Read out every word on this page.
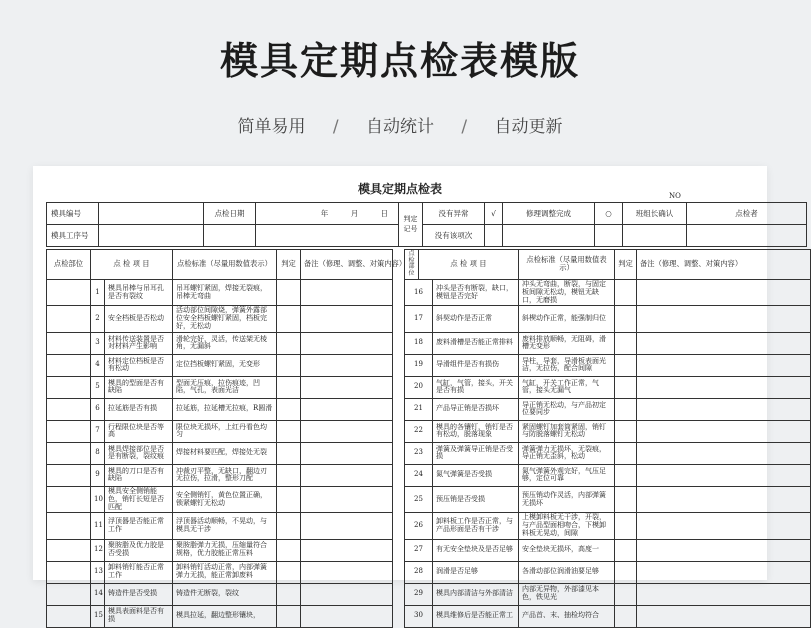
模具定期点检表模版
简单易用 / 自动统计 / 自动更新
模具定期点检表	NO
模具编号		点检日期		年	月	日	判定记号	没有异常	√	修理调整完成	○	班组长确认	点检者
模具工序号								没有该项次					
点检部位	点 检 项 目		点检标准（尽量用数值表示）	判定	备注（修理、调整、对策内容）		点检部位	点 检 项 目		点检标准（尽量用数值表示）	判定	备注（修理、调整、对策内容）
	1	模具吊棒与吊耳孔是否有裂纹	吊耳螺钉紧固，焊接无裂痕，吊棒无弯曲				16		冲头是否有断裂，缺口，模钮是否完好	冲头无弯曲，断裂，与固定板间隙无松动，模钮无缺口，无磨损		
	2	安全档板是否松动	活动部位间隙烧，弹簧外露部位安全档板螺钉紧固，档板完好，无松动				17		斜契动作是否正常	斜楔动作正常，能强制归位		
	3	材料传送装置是否对材料产生影响	滑轮完好，灵活，传送架无棱角，无漏斜				18		废料滑槽是否能正常排料	废料排放顺畅，无阻碍，滑槽无变形		
	4	材料定位档板是否有松动	定位挡板螺钉紧固，无变形				19		导滑组件是否有损伤	导柱，导套，导滑板表面光洁，无拉伤，配合间隙		
	5	模具的型面是否有缺陷	型面无压痕，拉伤痕迹，凹陷，气孔，表面光洁				20		气缸，气管，接头，开关是否有损	气缸，开关工作正常，气管，接头无漏气		
	6	拉延筋是否有损	拉延筋，拉延槽无拉痕，R圆滑				21		产品导正销是否损坏	导正销无松动，与产品初定位要同步		
	7	行程限位块是否等高	限位块无损坏，上红丹看色均匀				22		模具的各镶钉，销钉是否有松动，脱落现象	紧固螺钉加套筒紧固，销钉与防脱落螺钉无松动		
	8	模具焊接部位是否是有断裂，裂纹痕	焊接材料要匹配，焊接处无裂				23		弹簧及弹簧导正销是否受损	弹簧弹力无损坏，无裂痕，导正销无歪斜，松动		
	9	模具的刀口是否有缺陷	冲裁刃平整，无缺口，翻边刃无拉伤，拉滑，整形刀配				24		氮气弹簧是否受损	氮气弹簧外观完好，气压足够，定位可靠		
	10	模具安全侧销能色，销钉长短是否匹配	安全侧销钉，黄色位置正确，锁紧螺钉无松动				25		预压销是否受损	预压销动作灵活，内部弹簧无损坏		
	11	浮顶器是否能正常工作	浮顶器活动顺畅，不晃动，与模具无干涉				26		卸料板工作是否正常，与产品形面是否有干涉	上模卸料板无干涉，开裂，与产品型面相吻合，下模卸料板无晃动，间隙		
	12	聚胺脂及优力胶是否受损	聚胺脂弹力无损，压缩量符合规格，优力胶能正常压料				27		有无安全垫块及是否足够	安全垫块无损坏，高度一		
	13	卸料销钉能否正常工作	卸料销钉活动正常，内部弹簧弹力无损，能正常卸废料				28		润滑是否足够	各滑动部位润滑油要足够		
	14	铸造件是否受损	铸造件无断裂，裂纹				29		模具内部清洁与外部清洁	内部无异物，外部漆见本色，铁见光		
	15	模具表面料是否有损	模具拉延，翻边整形镶块，				30		模具维修后是否能正常工	产品首、末、抽检均符合		
